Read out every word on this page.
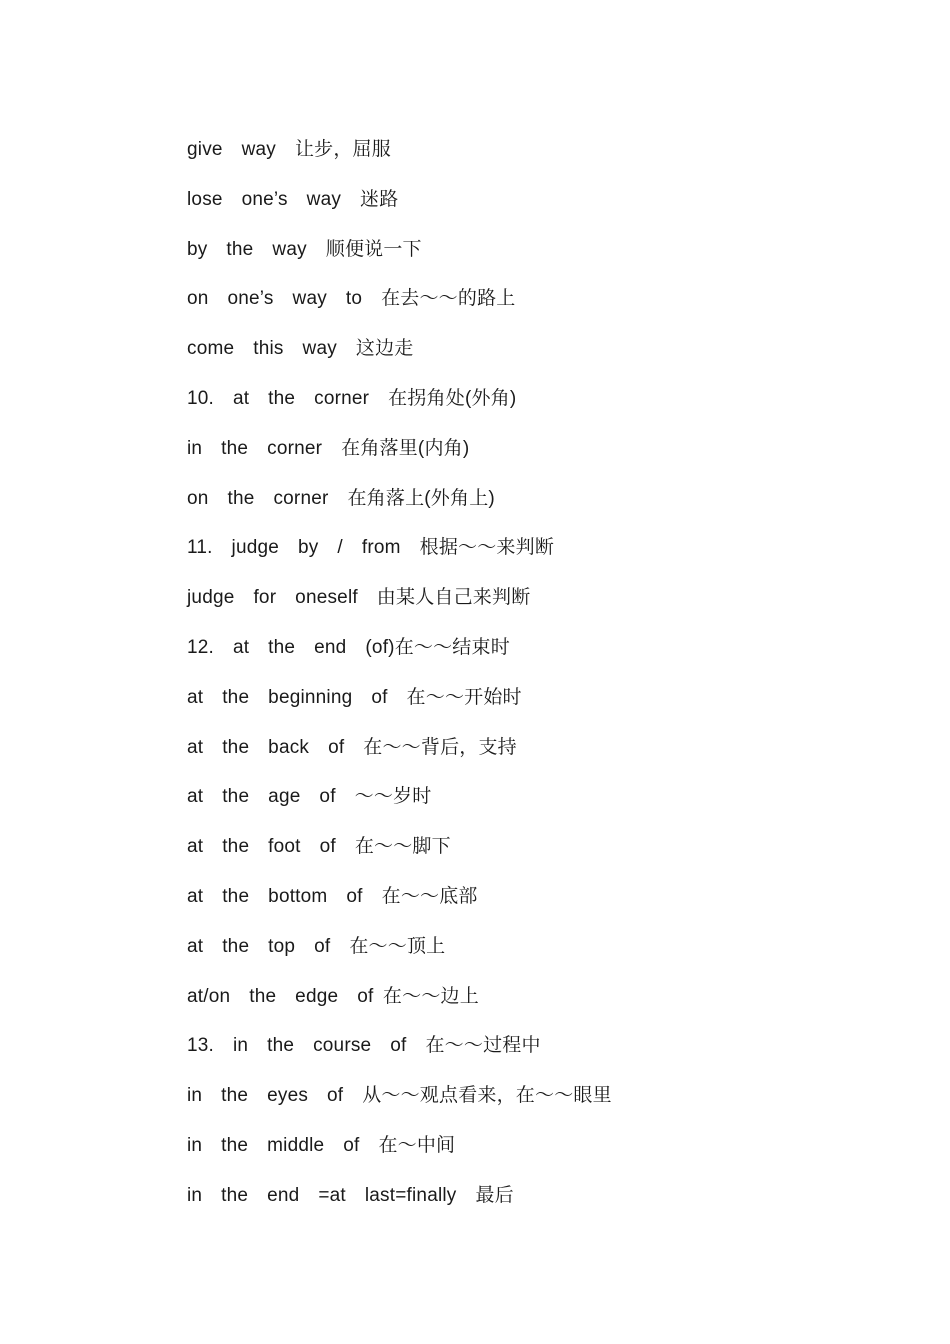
give  way  让步，屈服
lose  one’s  way  迷路
by  the  way  顺便说一下
on  one’s  way  to  在去～～的路上
come  this  way  这边走
10.  at  the  corner  在拐角处(外角)
in  the  corner  在角落里(内角)
on  the  corner  在角落上(外角上)
11.  judge  by  /  from  根据～～来判断
judge  for  oneself  由某人自己来判断
12.  at  the  end  (of)在～～结束时
at  the  beginning  of  在～～开始时
at  the  back  of  在～～背后，支持
at  the  age  of  ～～岁时
at  the  foot  of  在～～脚下
at  the  bottom  of  在～～底部
at  the  top  of  在～～顶上
at/on  the  edge  of 在～～边上
13.  in  the  course  of  在～～过程中
in  the  eyes  of  从～～观点看来，在～～眼里
in  the  middle  of  在～中间
in  the  end  =at  last=finally  最后
